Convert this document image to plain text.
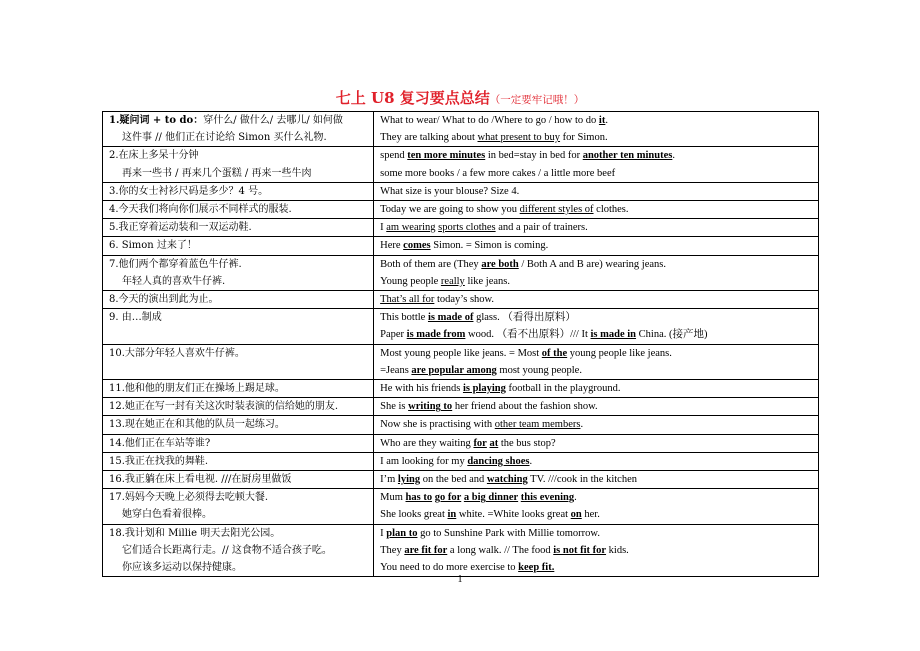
七上 U8 复习要点总结（一定要牢记哦！）
1.疑问词 + to do：穿什么/ 做什么/ 去哪儿/ 如何做
这件事 // 他们正在讨论给 Simon 买什么礼物.	What to wear/ What to do /Where to go / how to do it.
They are talking about what present to buy for Simon.

2.在床上多呆十分钟
再来一些书 / 再来几个蛋糕 / 再来一些牛肉	spend ten more minutes in bed=stay in bed for another ten minutes.
some more books / a few more cakes / a little more beef

3.你的女士衬衫尺码是多少？4 号。	What size is your blouse? Size 4.

4.今天我们将向你们展示不同样式的服装.	Today we are going to show you different styles of clothes.

5.我正穿着运动装和一双运动鞋.	I am wearing sports clothes and a pair of trainers.

6. Simon 过来了！	Here comes Simon. = Simon is coming.

7.他们两个都穿着蓝色牛仔裤.
年轻人真的喜欢牛仔裤.	Both of them are (They are both / Both A and B are) wearing jeans.
Young people really like jeans.

8.今天的演出到此为止。	That’s all for today’s show.

9. 由…制成	This bottle is made of glass. （看得出原料）
Paper is made from wood. （看不出原料）/// It is made in China. (接产地)

10.大部分年轻人喜欢牛仔裤。	Most young people like jeans. = Most of the young people like jeans.
=Jeans are popular among most young people.

11.他和他的朋友们正在操场上踢足球。	He with his friends is playing football in the playground.

12.她正在写一封有关这次时装表演的信给她的朋友.	She is writing to her friend about the fashion show.

13.现在她正在和其他的队员一起练习。	Now she is practising with other team members.

14.他们正在车站等谁?	Who are they waiting for at the bus stop?

15.我正在找我的舞鞋.	I am looking for my dancing shoes.

16.我正躺在床上看电视. ///在厨房里做饭	I’m lying on the bed and watching TV. ///cook in the kitchen

17.妈妈今天晚上必须得去吃顿大餐.
她穿白色看着很棒。	Mum has to go for a big dinner this evening.
She looks great in white. =White looks great on her.

18.我计划和 Millie 明天去阳光公园。
它们适合长距离行走。// 这食物不适合孩子吃。
你应该多运动以保持健康。	I plan to go to Sunshine Park with Millie tomorrow.
They are fit for a long walk. // The food is not fit for kids.
You need to do more exercise to keep fit.
1
